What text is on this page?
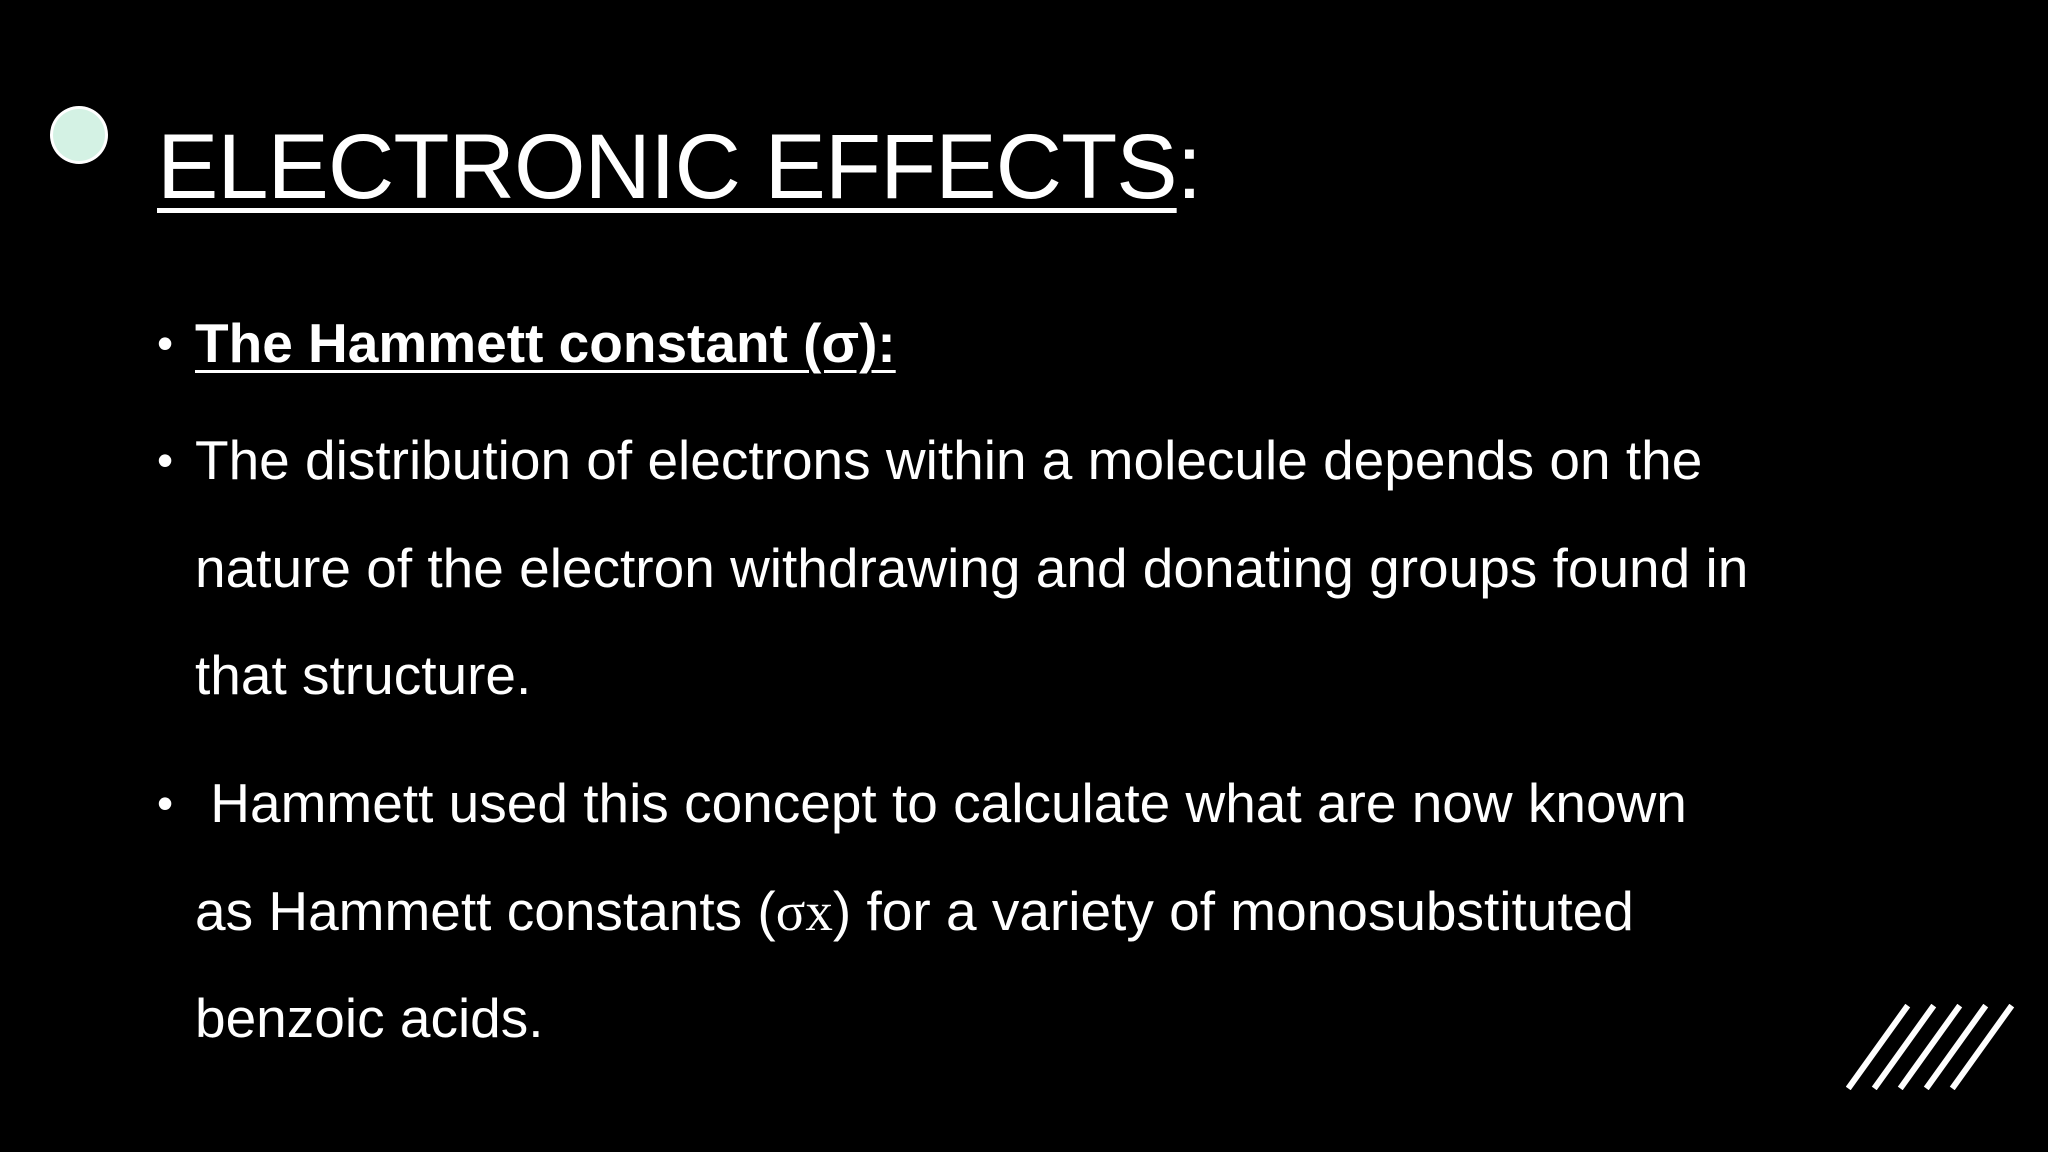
ELECTRONIC EFFECTS:
• The Hammett constant (σ):
• The distribution of electrons within a molecule depends on the
nature of the electron withdrawing and donating groups found in
that structure.
• Hammett used this concept to calculate what are now known
as Hammett constants (σx) for a variety of monosubstituted
benzoic acids.
